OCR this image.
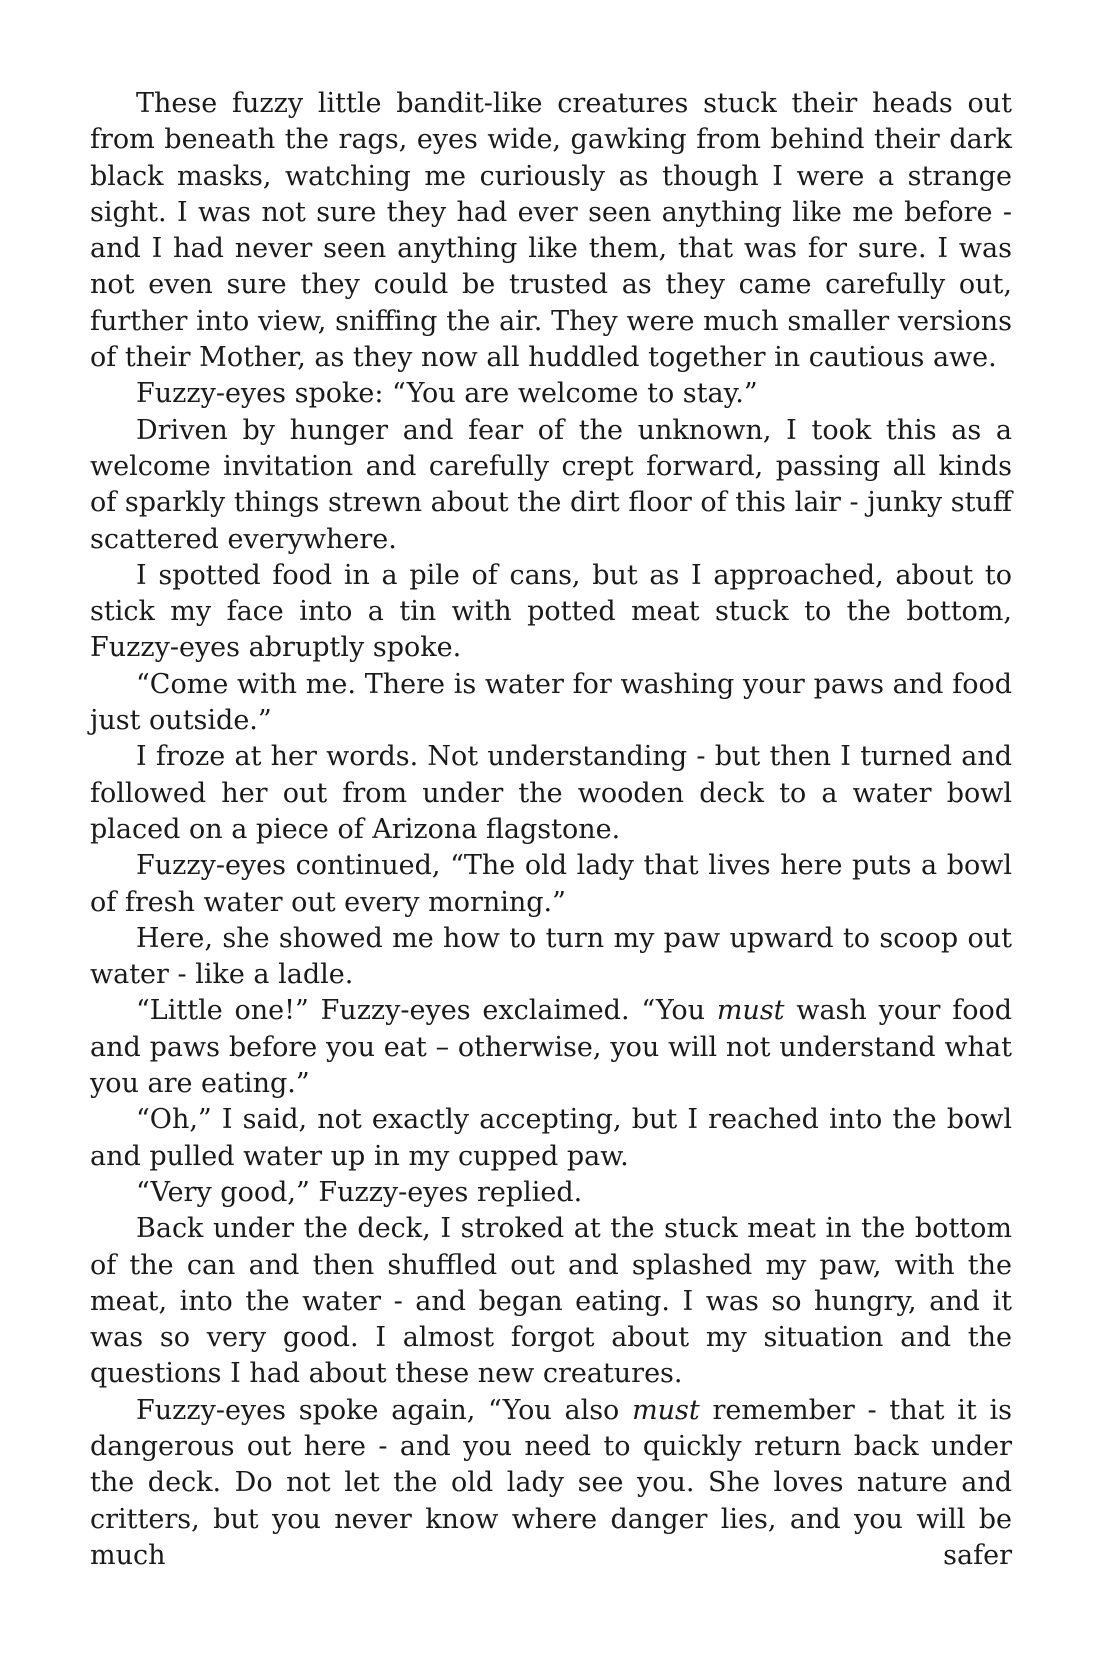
These fuzzy little bandit-like creatures stuck their heads out from beneath the rags, eyes wide, gawking from behind their dark black masks, watching me curiously as though I were a strange sight. I was not sure they had ever seen anything like me before - and I had never seen anything like them, that was for sure. I was not even sure they could be trusted as they came carefully out, further into view, sniffing the air. They were much smaller versions of their Mother, as they now all huddled together in cautious awe.

Fuzzy-eyes spoke: “You are welcome to stay.”

Driven by hunger and fear of the unknown, I took this as a welcome invitation and carefully crept forward, passing all kinds of sparkly things strewn about the dirt floor of this lair - junky stuff scattered everywhere.

I spotted food in a pile of cans, but as I approached, about to stick my face into a tin with potted meat stuck to the bottom, Fuzzy-eyes abruptly spoke.

“Come with me. There is water for washing your paws and food just outside.”

I froze at her words. Not understanding - but then I turned and followed her out from under the wooden deck to a water bowl placed on a piece of Arizona flagstone.

Fuzzy-eyes continued, “The old lady that lives here puts a bowl of fresh water out every morning.”

Here, she showed me how to turn my paw upward to scoop out water - like a ladle.

“Little one!” Fuzzy-eyes exclaimed. “You must wash your food and paws before you eat – otherwise, you will not understand what you are eating.”

“Oh,” I said, not exactly accepting, but I reached into the bowl and pulled water up in my cupped paw.

“Very good,” Fuzzy-eyes replied.

Back under the deck, I stroked at the stuck meat in the bottom of the can and then shuffled out and splashed my paw, with the meat, into the water - and began eating. I was so hungry, and it was so very good. I almost forgot about my situation and the questions I had about these new creatures.

Fuzzy-eyes spoke again, “You also must remember - that it is dangerous out here - and you need to quickly return back under the deck. Do not let the old lady see you. She loves nature and critters, but you never know where danger lies, and you will be much safer
